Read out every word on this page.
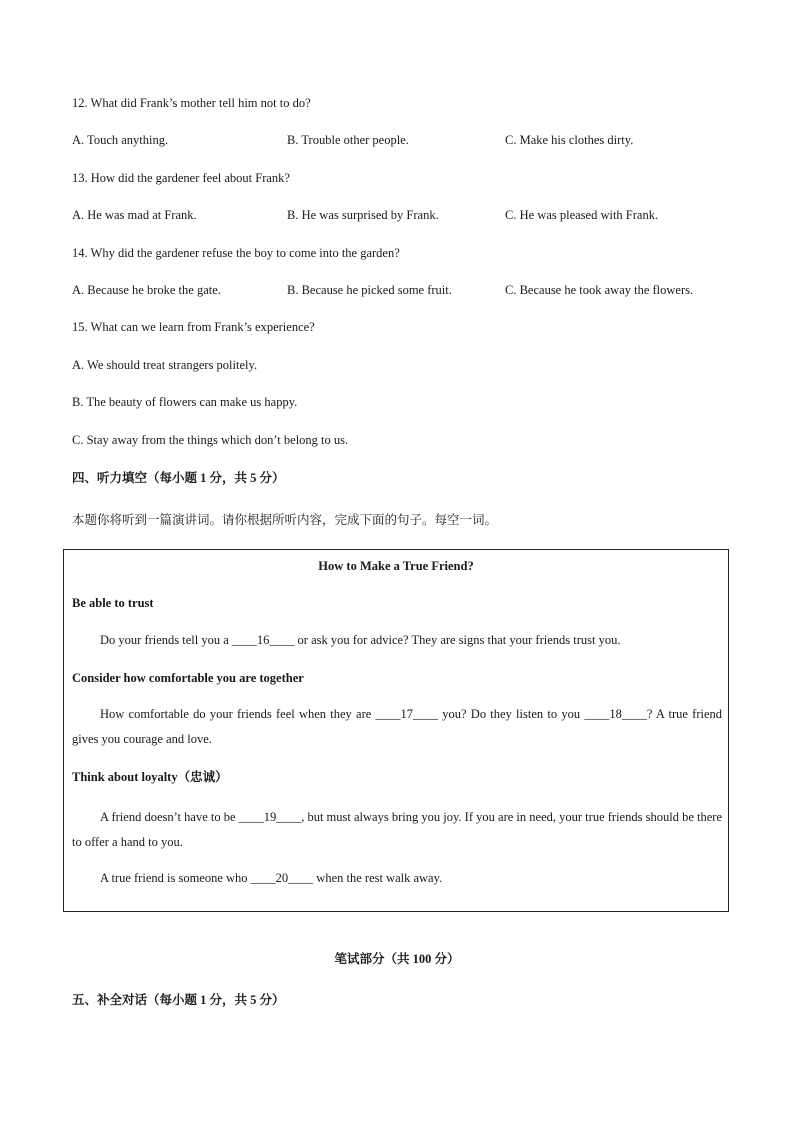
12. What did Frank’s mother tell him not to do?
A. Touch anything.	B. Trouble other people.	C. Make his clothes dirty.
13. How did the gardener feel about Frank?
A. He was mad at Frank.	B. He was surprised by Frank.	C. He was pleased with Frank.
14. Why did the gardener refuse the boy to come into the garden?
A. Because he broke the gate.	B. Because he picked some fruit.	C. Because he took away the flowers.
15. What can we learn from Frank’s experience?
A. We should treat strangers politely.
B. The beauty of flowers can make us happy.
C. Stay away from the things which don’t belong to us.
四、听力填空（每小题 1 分，共 5 分）
本题你将听到一篇演讲词。请你根据所听内容，完成下面的句子。每空一词。
How to Make a True Friend?
Be able to trust
Do your friends tell you a ____16____ or ask you for advice? They are signs that your friends trust you.
Consider how comfortable you are together
How comfortable do your friends feel when they are ____17____ you? Do they listen to you ____18____? A true friend gives you courage and love.
Think about loyalty（忠诚）
A friend doesn’t have to be ____19____, but must always bring you joy. If you are in need, your true friends should be there to offer a hand to you.
A true friend is someone who ____20____ when the rest walk away.
笔试部分（共 100 分）
五、补全对话（每小题 1 分，共 5 分）
